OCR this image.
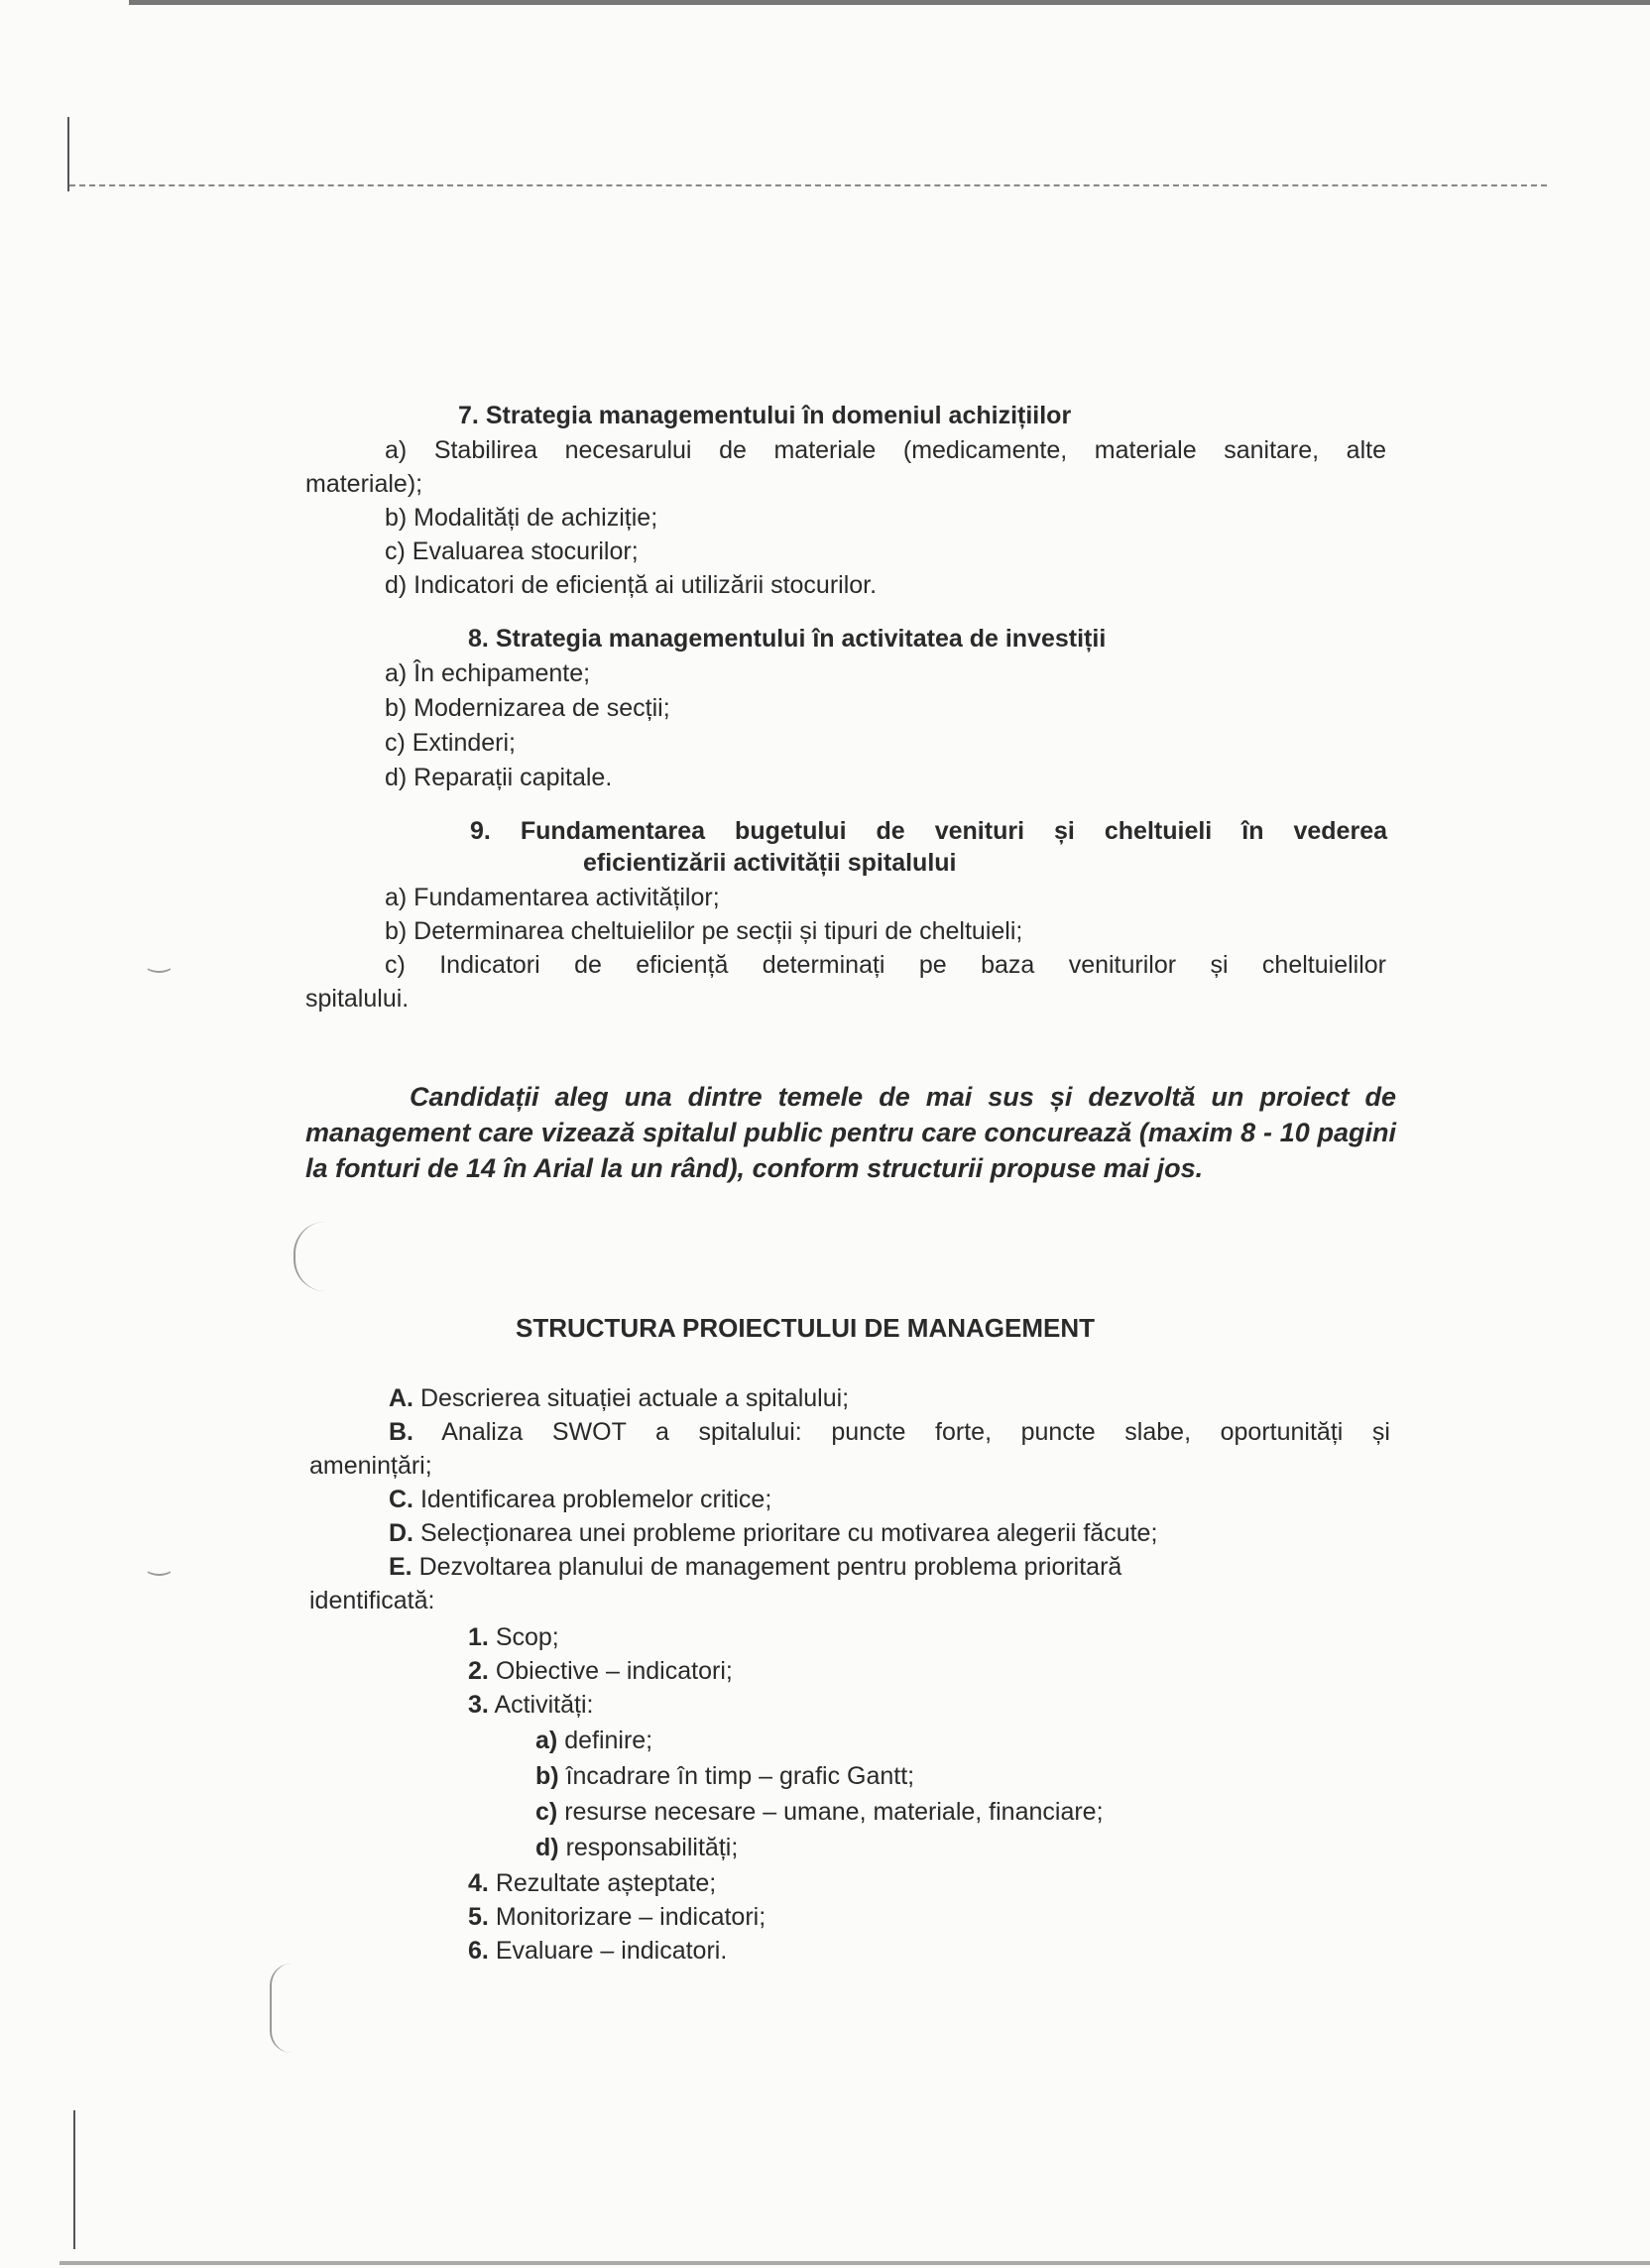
‿
‿

7. Strategia managementului în domeniul achizițiilor

a) Stabilirea necesarului de materiale (medicamente, materiale sanitare, alte

materiale);

b) Modalități de achiziție;

c) Evaluarea stocurilor;

d) Indicatori de eficiență ai utilizării stocurilor.

8. Strategia managementului în activitatea de investiții

a) În echipamente;

b) Modernizarea de secții;

c) Extinderi;

d) Reparații capitale.

9. Fundamentarea bugetului de venituri și cheltuieli în vederea

eficientizării activității spitalului

a) Fundamentarea activităților;

b) Determinarea cheltuielilor pe secții și tipuri de cheltuieli;

c) Indicatori de eficiență determinați pe baza veniturilor și cheltuielilor

spitalului.

Candidații aleg una dintre temele de mai sus și dezvoltă un proiect de management care vizează spitalul public pentru care concurează (maxim 8 - 10 pagini la fonturi de 14 în Arial la un rând), conform structurii propuse mai jos.

STRUCTURA PROIECTULUI DE MANAGEMENT

A. Descrierea situației actuale a spitalului;

B. Analiza SWOT a spitalului: puncte forte, puncte slabe, oportunități și

amenințări;

C. Identificarea problemelor critice;

D. Selecționarea unei probleme prioritare cu motivarea alegerii făcute;

E. Dezvoltarea planului de management pentru problema prioritară

identificată:

1. Scop;

2. Obiective – indicatori;

3. Activități:

a) definire;

b) încadrare în timp – grafic Gantt;

c) resurse necesare – umane, materiale, financiare;

d) responsabilități;

4. Rezultate așteptate;

5. Monitorizare – indicatori;

6. Evaluare – indicatori.
